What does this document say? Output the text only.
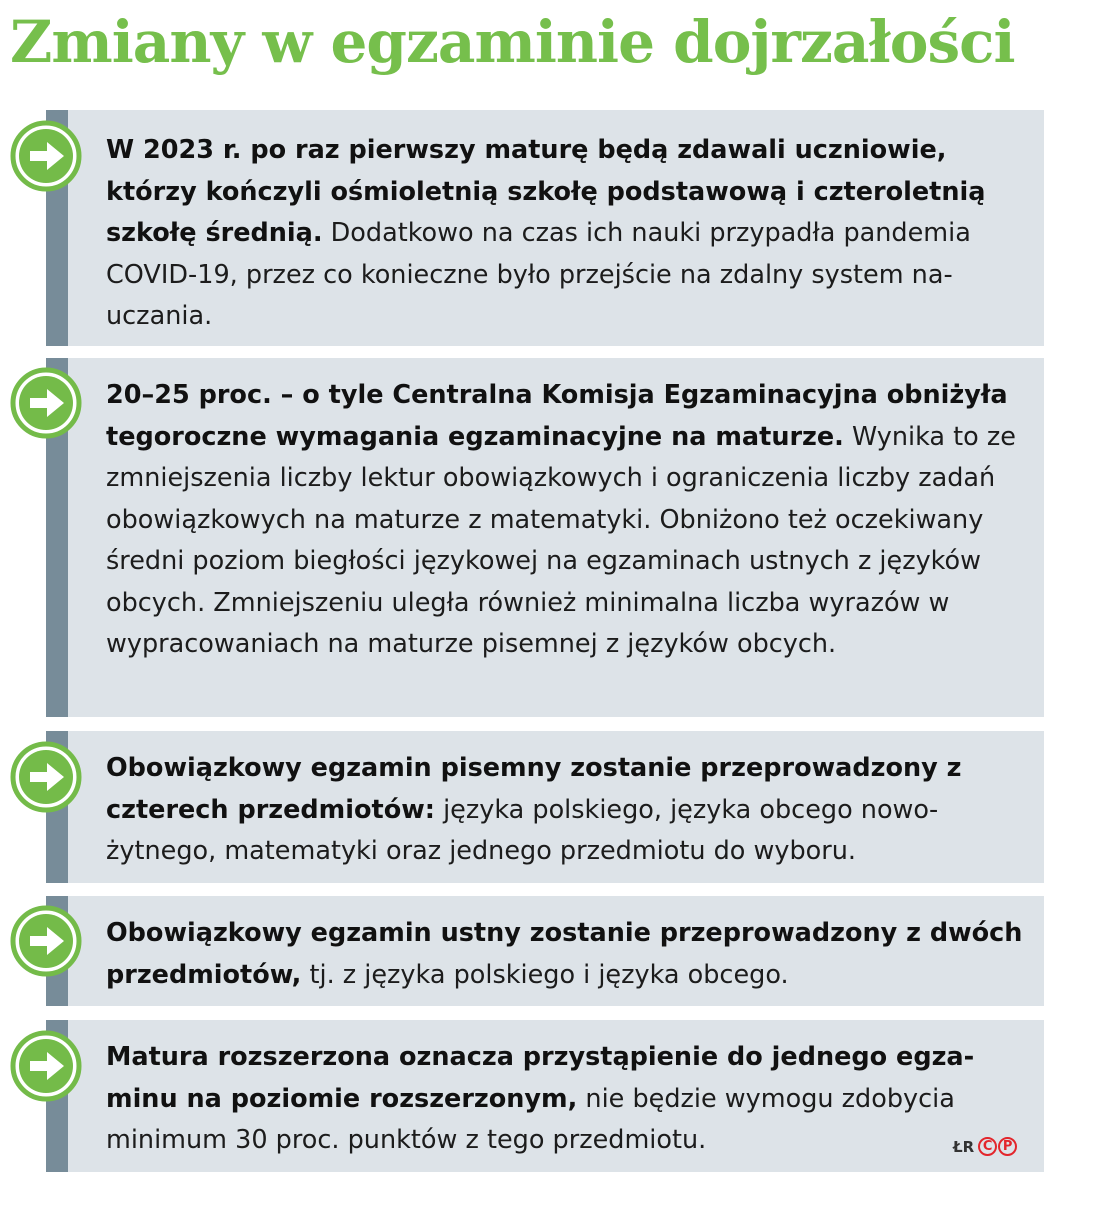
Zmiany w egzaminie dojrzałości

W 2023 r. po raz pierwszy maturę będą zdawali uczniowie, którzy kończyli ośmioletnią szkołę podstawową i czteroletnią szkołę średnią. Dodatkowo na czas ich nauki przypadła pandemia COVID-19, przez co konieczne było przejście na zdalny system nauczania.

20–25 proc. – o tyle Centralna Komisja Egzaminacyjna obniżyła tegoroczne wymagania egzaminacyjne na maturze. Wynika to ze zmniejszenia liczby lektur obowiązkowych i ograniczenia liczby zadań obowiązkowych na maturze z matematyki. Obniżono też oczekiwany średni poziom biegłości językowej na egzaminach ustnych z języków obcych. Zmniejszeniu uległa również minimalna liczba wyrazów w wypracowaniach na maturze pisemnej z języków obcych.

Obowiązkowy egzamin pisemny zostanie przeprowadzony z czterech przedmiotów: języka polskiego, języka obcego nowożytnego, matematyki oraz jednego przedmiotu do wyboru.

Obowiązkowy egzamin ustny zostanie przeprowadzony z dwóch przedmiotów, tj. z języka polskiego i języka obcego.

Matura rozszerzona oznacza przystąpienie do jednego egzaminu na poziomie rozszerzonym, nie będzie wymogu zdobycia minimum 30 proc. punktów z tego przedmiotu.	ŁR C P
